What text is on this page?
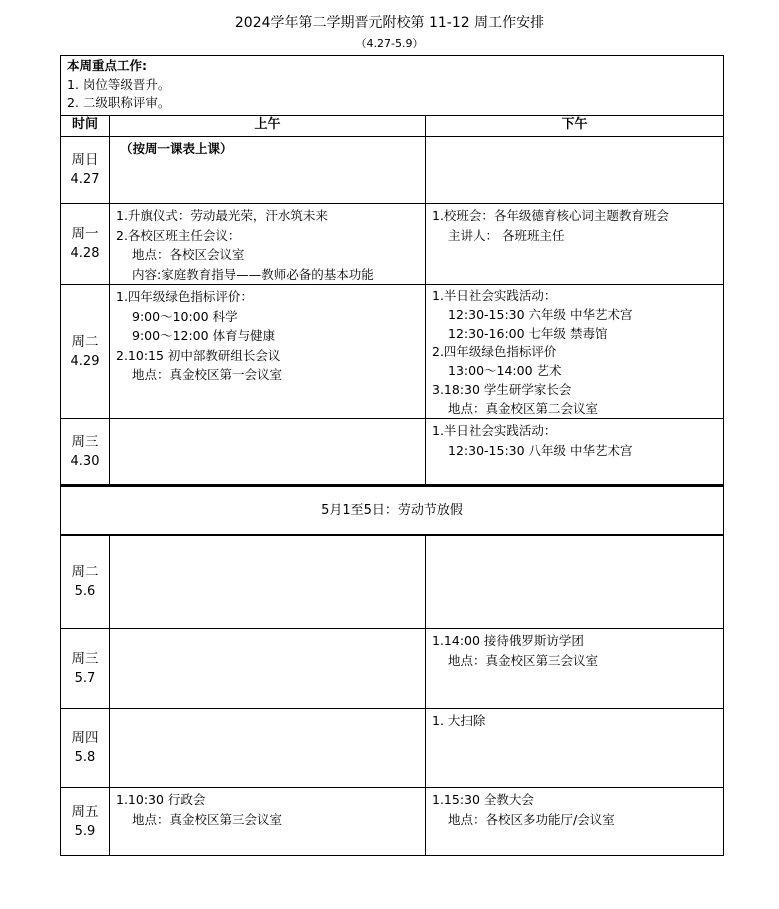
2024学年第二学期晋元附校第 11-12 周工作安排
（4.27-5.9）
本周重点工作:
1. 岗位等级晋升。
2. 二级职称评审。
时间	上午	下午
周日
4.27
（按周一课表上课）
周一
4.28
1.升旗仪式：劳动最光荣，汗水筑未来
2.各校区班主任会议：
地点：各校区会议室
内容:家庭教育指导——教师必备的基本功能
1.校班会：各年级德育核心词主题教育班会
主讲人： 各班班主任
周二
4.29
1.四年级绿色指标评价：
9:00～10:00 科学
9:00～12:00 体育与健康
2.10:15 初中部教研组长会议
地点：真金校区第一会议室
1.半日社会实践活动：
12:30-15:30 六年级 中华艺术宫
12:30-16:00 七年级 禁毒馆
2.四年级绿色指标评价
13:00～14:00 艺术
3.18:30 学生研学家长会
地点：真金校区第二会议室
周三
4.30
1.半日社会实践活动：
12:30-15:30 八年级 中华艺术宫
5月1至5日：劳动节放假
周二
5.6
周三
5.7
1.14:00 接待俄罗斯访学团
地点：真金校区第三会议室
周四
5.8
1. 大扫除
周五
5.9
1.10:30 行政会
地点：真金校区第三会议室
1.15:30 全教大会
地点：各校区多功能厅/会议室
